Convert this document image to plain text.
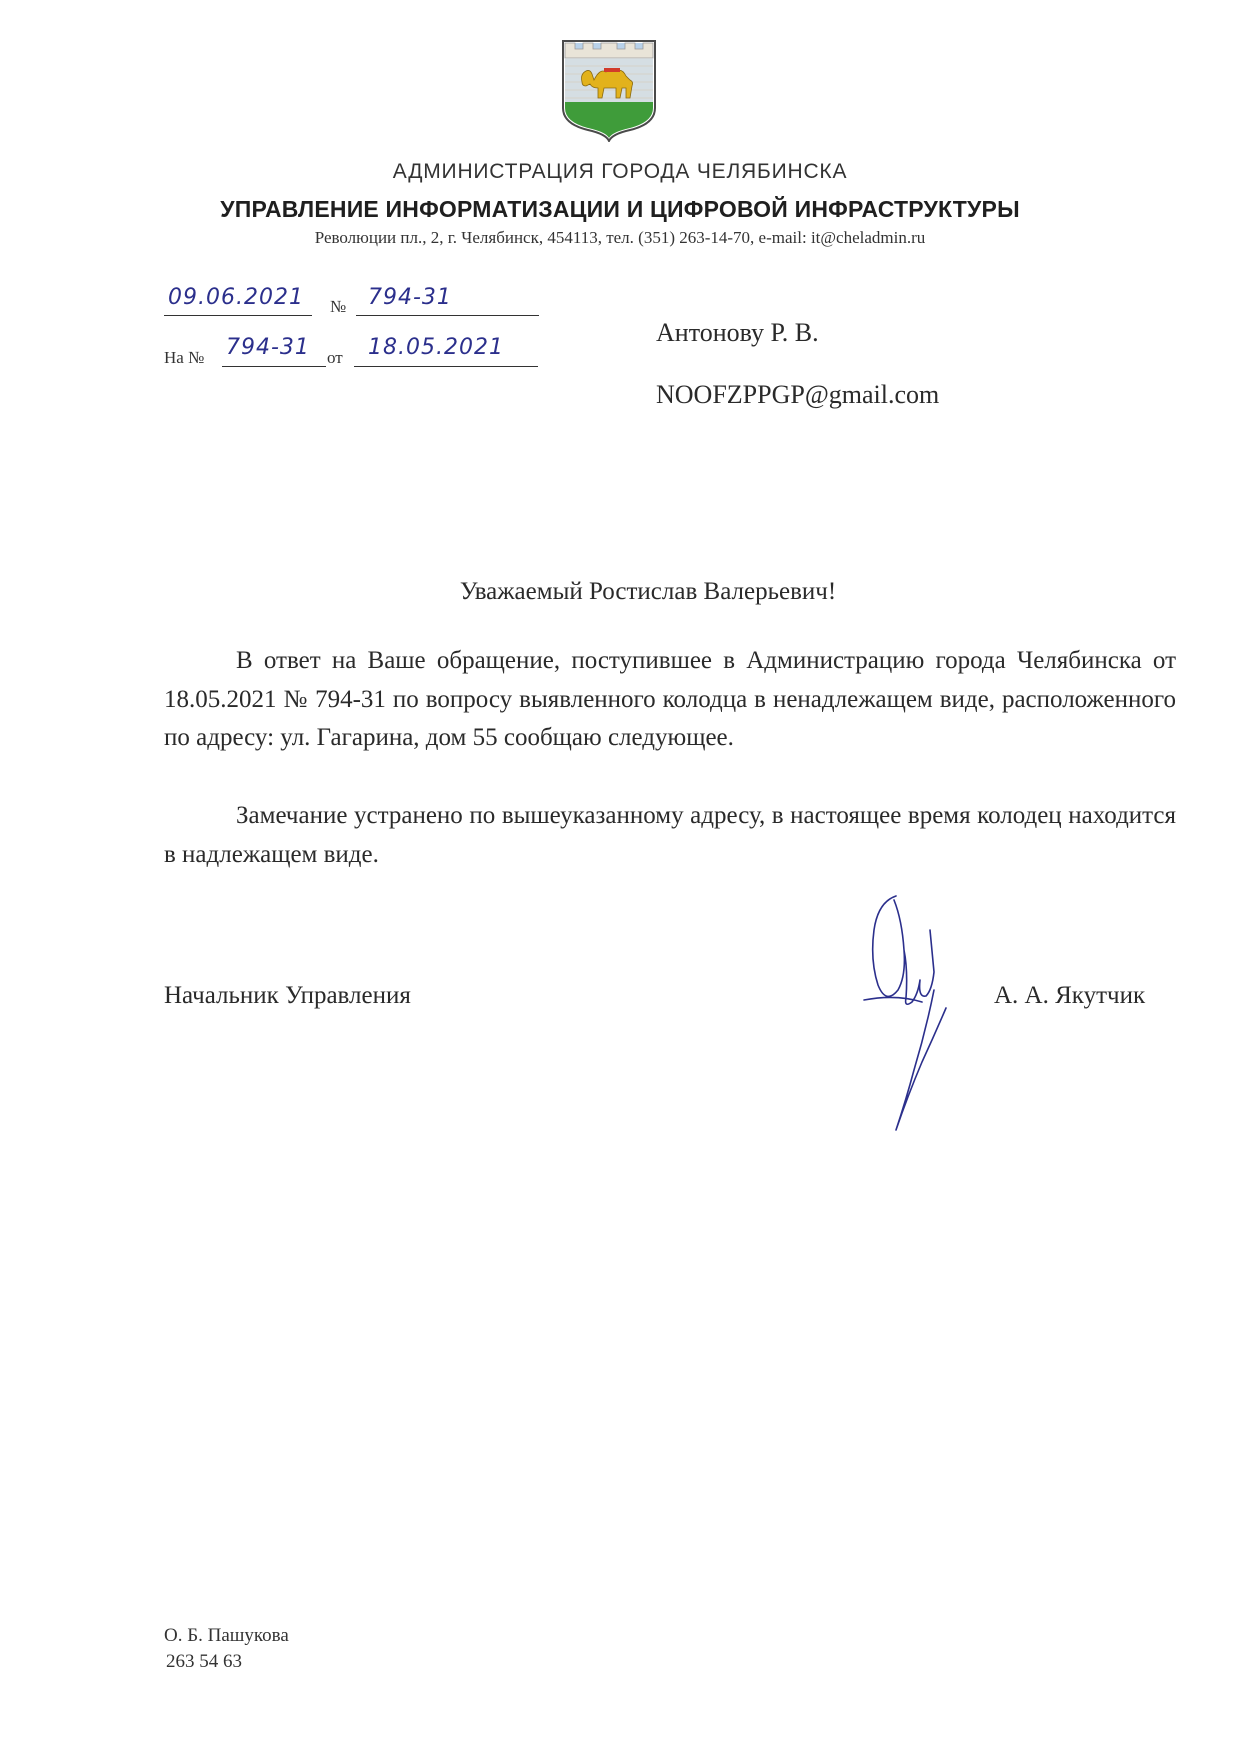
АДМИНИСТРАЦИЯ ГОРОДА ЧЕЛЯБИНСКА
УПРАВЛЕНИЕ ИНФОРМАТИЗАЦИИ И ЦИФРОВОЙ ИНФРАСТРУКТУРЫ
Революции пл., 2, г. Челябинск, 454113, тел. (351) 263-14-70, e-mail: it@cheladmin.ru
09.06.2021 № 794-31
На № 794-31 от 18.05.2021
Антонову Р. В.
NOOFZPPGP@gmail.com
Уважаемый Ростислав Валерьевич!

В ответ на Ваше обращение, поступившее в Администрацию города Челябинска от 18.05.2021 № 794-31 по вопросу выявленного колодца в ненадлежащем виде, расположенного по адресу: ул. Гагарина, дом 55 сообщаю следующее.

Замечание устранено по вышеуказанному адресу, в настоящее время колодец находится в надлежащем виде.

Начальник Управления	А. А. Якутчик
О. Б. Пашукова
263 54 63
